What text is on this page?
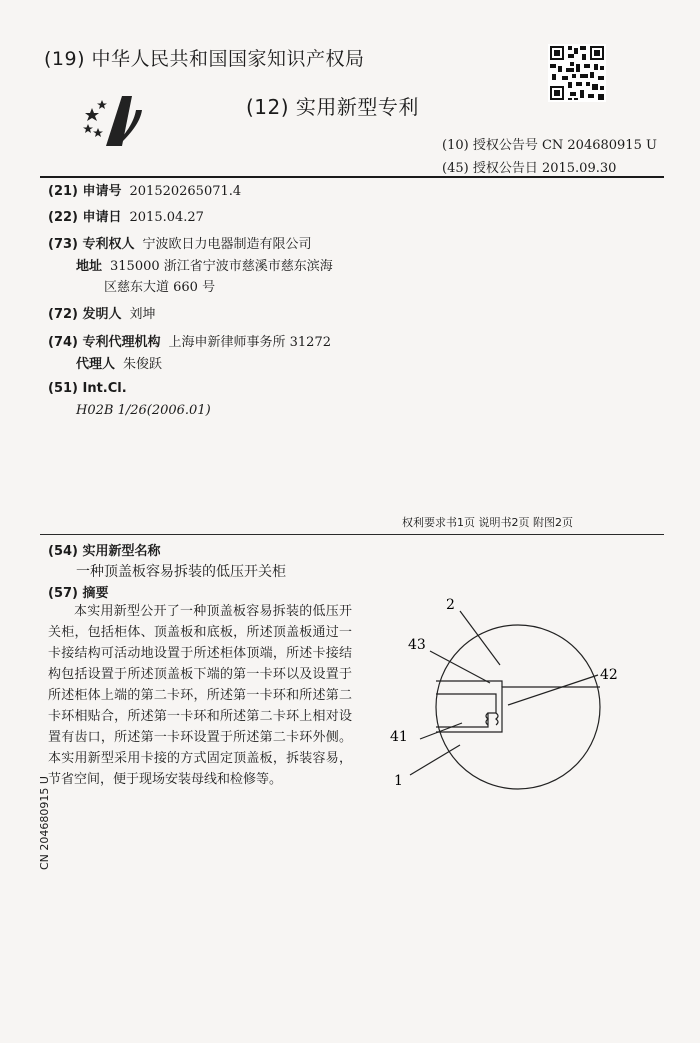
(19) 中华人民共和国国家知识产权局
(12) 实用新型专利
(10) 授权公告号 CN 204680915 U
(45) 授权公告日 2015.09.30
(21) 申请号 201520265071.4
(22) 申请日 2015.04.27
(73) 专利权人 宁波欧日力电器制造有限公司
地址 315000 浙江省宁波市慈溪市慈东滨海
区慈东大道 660 号
(72) 发明人 刘坤
(74) 专利代理机构 上海申新律师事务所 31272
代理人 朱俊跃
(51) Int.Cl.
H02B 1/26(2006.01)
权利要求书1页 说明书2页 附图2页
(54) 实用新型名称
一种顶盖板容易拆装的低压开关柜
(57) 摘要
本实用新型公开了一种顶盖板容易拆装的低压开关柜，包括柜体、顶盖板和底板，所述顶盖板通过一卡接结构可活动地设置于所述柜体顶端，所述卡接结构包括设置于所述顶盖板下端的第一卡环以及设置于所述柜体上端的第二卡环，所述第一卡环和所述第二卡环相贴合，所述第一卡环和所述第二卡环上相对设置有齿口，所述第一卡环设置于所述第二卡环外侧。本实用新型采用卡接的方式固定顶盖板，拆装容易，节省空间，便于现场安装母线和检修等。
2
43
42
41
1
CN 204680915 U
